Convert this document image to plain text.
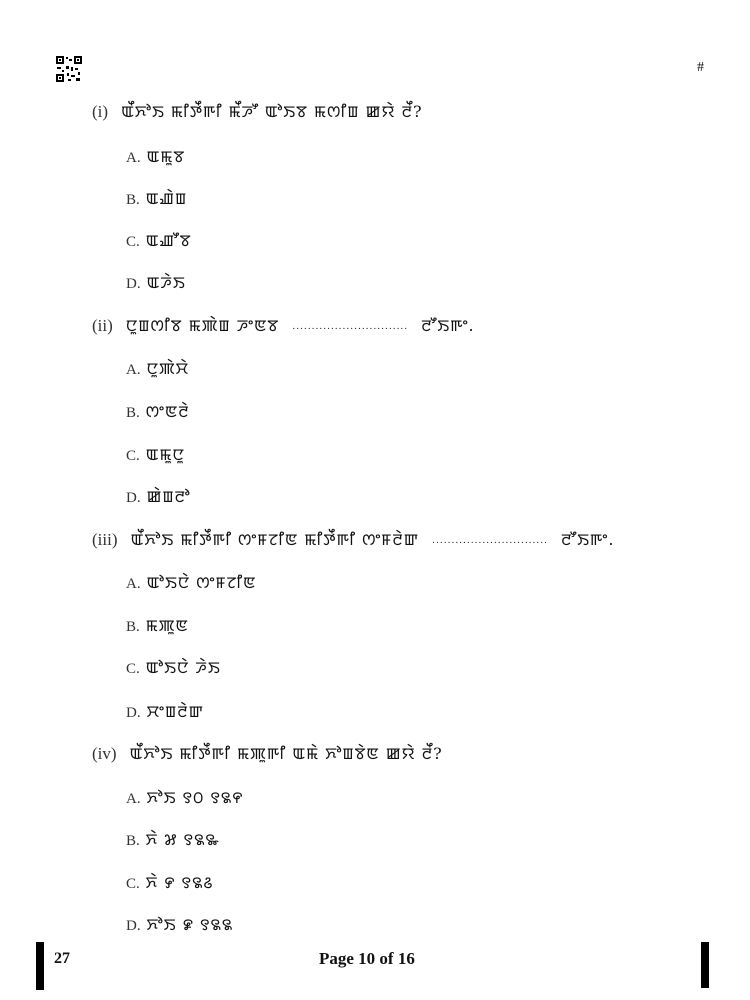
#
(i) ꯑꯩꯈꯣꯏ ꯃꯤꯇꯩꯒꯤ ꯃꯩꯍꯧ ꯑꯣꯏꯕ ꯃꯁꯤꯡ ꯀꯌꯥ ꯂꯩ?
A. ꯑꯃꯨꯕ
B. ꯑꯉꯥꯡ
C. ꯑꯉꯧꯕ
D. ꯑꯍꯥꯏ
(ii) ꯅꯨꯡꯁꯤꯕ ꯃꯄꯥꯡ ꯍꯦꯟꯕ .............................. ꯂꯧꯏꯒꯦ.
A. ꯅꯨꯄꯥꯆꯥ
B. ꯁꯦꯟꯂꯥ
C. ꯑꯃꯨꯅꯨ
D. ꯀꯥꯡꯂꯣ
(iii) ꯑꯩꯈꯣꯏ ꯃꯤꯇꯩꯒꯤ ꯁꯦꯝꯖꯤꯟ ꯃꯤꯇꯩꯒꯤ ꯁꯦꯝꯂꯥꯛ .............................. ꯂꯧꯏꯒꯦ.
A. ꯑꯣꯏꯅꯥ ꯁꯦꯝꯖꯤꯟ
B. ꯃꯄꯨꯟ
C. ꯑꯣꯏꯅꯥ ꯍꯥꯏ
D. ꯆꯦꯡꯂꯥꯛ
(iv) ꯑꯩꯈꯣꯏ ꯃꯤꯇꯩꯒꯤ ꯃꯄꯨꯒꯤ ꯑꯃꯥ ꯈꯣꯡꯕꯥꯟ ꯀꯌꯥ ꯂꯩ?
A. ꯈꯣꯏ ꯱꯰ ꯱꯲꯵
B. ꯈꯥ ꯷ ꯱꯲꯳
C. ꯈꯥ ꯸ ꯱꯲꯴
D. ꯈꯣꯏ ꯹ ꯱꯲꯲
27	Page 10 of 16
